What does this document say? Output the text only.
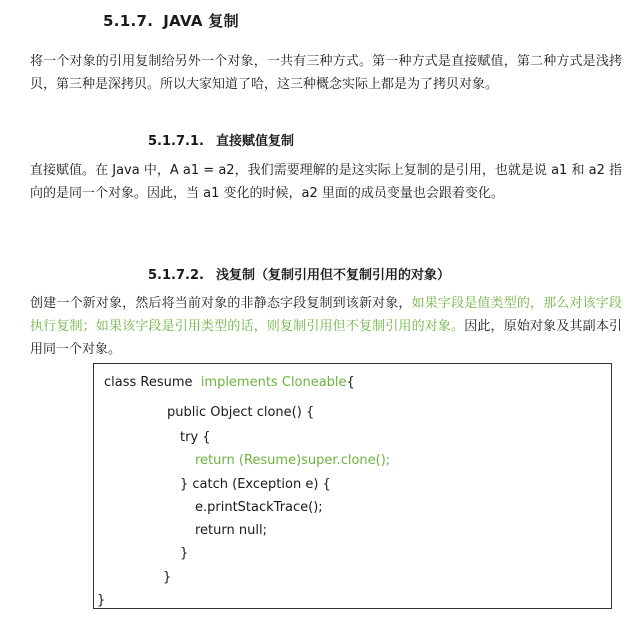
5.1.7. JAVA 复制

将一个对象的引用复制给另外一个对象，一共有三种方式。第一种方式是直接赋值，第二种方式是浅拷贝，第三种是深拷贝。所以大家知道了哈，这三种概念实际上都是为了拷贝对象。

5.1.7.1. 直接赋值复制

直接赋值。在 Java 中，A a1 = a2，我们需要理解的是这实际上复制的是引用，也就是说 a1 和 a2 指向的是同一个对象。因此，当 a1 变化的时候，a2 里面的成员变量也会跟着变化。

5.1.7.2. 浅复制（复制引用但不复制引用的对象）

创建一个新对象，然后将当前对象的非静态字段复制到该新对象，如果字段是值类型的，那么对该字段执行复制；如果该字段是引用类型的话，则复制引用但不复制引用的对象。因此，原始对象及其副本引用同一个对象。

class Resume  implements Cloneable{
public Object clone() {
try {
return (Resume)super.clone();
} catch (Exception e) {
e.printStackTrace();
return null;
}
}
}
